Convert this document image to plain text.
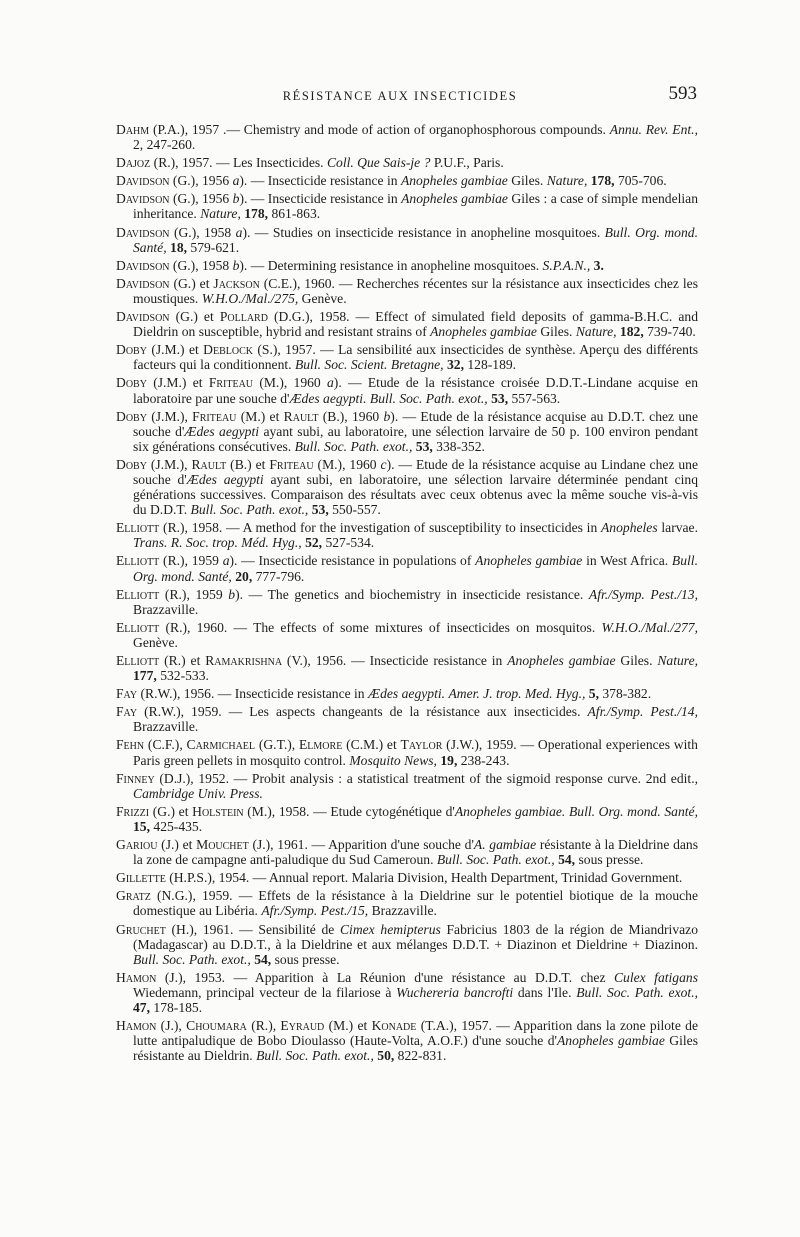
RÉSISTANCE AUX INSECTICIDES	593

Dahm (P.A.), 1957 .— Chemistry and mode of action of organophosphorous compounds. Annu. Rev. Ent., 2, 247-260.

Dajoz (R.), 1957. — Les Insecticides. Coll. Que Sais-je ? P.U.F., Paris.

Davidson (G.), 1956 a). — Insecticide resistance in Anopheles gambiae Giles. Nature, 178, 705-706.

Davidson (G.), 1956 b). — Insecticide resistance in Anopheles gambiae Giles : a case of simple mendelian inheritance. Nature, 178, 861-863.

Davidson (G.), 1958 a). — Studies on insecticide resistance in anopheline mosquitoes. Bull. Org. mond. Santé, 18, 579-621.

Davidson (G.), 1958 b). — Determining resistance in anopheline mosquitoes. S.P.A.N., 3.

Davidson (G.) et Jackson (C.E.), 1960. — Recherches récentes sur la résistance aux insecticides chez les moustiques. W.H.O./Mal./275, Genève.

Davidson (G.) et Pollard (D.G.), 1958. — Effect of simulated field deposits of gamma-B.H.C. and Dieldrin on susceptible, hybrid and resistant strains of Anopheles gambiae Giles. Nature, 182, 739-740.

Doby (J.M.) et Deblock (S.), 1957. — La sensibilité aux insecticides de synthèse. Aperçu des différents facteurs qui la conditionnent. Bull. Soc. Scient. Bretagne, 32, 128-189.

Doby (J.M.) et Friteau (M.), 1960 a). — Etude de la résistance croisée D.D.T.-Lindane acquise en laboratoire par une souche d'Ædes aegypti. Bull. Soc. Path. exot., 53, 557-563.

Doby (J.M.), Friteau (M.) et Rault (B.), 1960 b). — Etude de la résistance acquise au D.D.T. chez une souche d'Ædes aegypti ayant subi, au laboratoire, une sélection larvaire de 50 p. 100 environ pendant six générations consécutives. Bull. Soc. Path. exot., 53, 338-352.

Doby (J.M.), Rault (B.) et Friteau (M.), 1960 c). — Etude de la résistance acquise au Lindane chez une souche d'Ædes aegypti ayant subi, en laboratoire, une sélection larvaire déterminée pendant cinq générations successives. Comparaison des résultats avec ceux obtenus avec la même souche vis-à-vis du D.D.T. Bull. Soc. Path. exot., 53, 550-557.

Elliott (R.), 1958. — A method for the investigation of susceptibility to insecticides in Anopheles larvae. Trans. R. Soc. trop. Méd. Hyg., 52, 527-534.

Elliott (R.), 1959 a). — Insecticide resistance in populations of Anopheles gambiae in West Africa. Bull. Org. mond. Santé, 20, 777-796.

Elliott (R.), 1959 b). — The genetics and biochemistry in insecticide resistance. Afr./Symp. Pest./13, Brazzaville.

Elliott (R.), 1960. — The effects of some mixtures of insecticides on mosquitos. W.H.O./Mal./277, Genève.

Elliott (R.) et Ramakrishna (V.), 1956. — Insecticide resistance in Anopheles gambiae Giles. Nature, 177, 532-533.

Fay (R.W.), 1956. — Insecticide resistance in Ædes aegypti. Amer. J. trop. Med. Hyg., 5, 378-382.

Fay (R.W.), 1959. — Les aspects changeants de la résistance aux insecticides. Afr./Symp. Pest./14, Brazzaville.

Fehn (C.F.), Carmichael (G.T.), Elmore (C.M.) et Taylor (J.W.), 1959. — Operational experiences with Paris green pellets in mosquito control. Mosquito News, 19, 238-243.

Finney (D.J.), 1952. — Probit analysis : a statistical treatment of the sigmoid response curve. 2nd edit., Cambridge Univ. Press.

Frizzi (G.) et Holstein (M.), 1958. — Etude cytogénétique d'Anopheles gambiae. Bull. Org. mond. Santé, 15, 425-435.

Gariou (J.) et Mouchet (J.), 1961. — Apparition d'une souche d'A. gambiae résistante à la Dieldrine dans la zone de campagne anti-paludique du Sud Cameroun. Bull. Soc. Path. exot., 54, sous presse.

Gillette (H.P.S.), 1954. — Annual report. Malaria Division, Health Department, Trinidad Government.

Gratz (N.G.), 1959. — Effets de la résistance à la Dieldrine sur le potentiel biotique de la mouche domestique au Libéria. Afr./Symp. Pest./15, Brazzaville.

Gruchet (H.), 1961. — Sensibilité de Cimex hemipterus Fabricius 1803 de la région de Miandrivazo (Madagascar) au D.D.T., à la Dieldrine et aux mélanges D.D.T. + Diazinon et Dieldrine + Diazinon. Bull. Soc. Path. exot., 54, sous presse.

Hamon (J.), 1953. — Apparition à La Réunion d'une résistance au D.D.T. chez Culex fatigans Wiedemann, principal vecteur de la filariose à Wuchereria bancrofti dans l'Ile. Bull. Soc. Path. exot., 47, 178-185.

Hamon (J.), Choumara (R.), Eyraud (M.) et Konade (T.A.), 1957. — Apparition dans la zone pilote de lutte antipaludique de Bobo Dioulasso (Haute-Volta, A.O.F.) d'une souche d'Anopheles gambiae Giles résistante au Dieldrin. Bull. Soc. Path. exot., 50, 822-831.
